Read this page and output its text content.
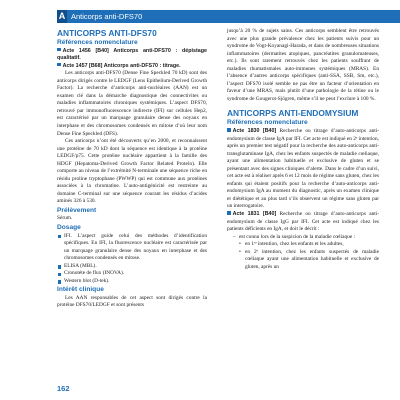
A Anticorps anti-DFS70
ANTICORPS ANTI-DFS70
Références nomenclature

Acte 1456 [B40] Anticorps anti-DFS70 : dépistage qualitatif.

Acte 1457 [B68] Anticorps anti-DFS70 : titrage.

Les anticorps anti-DFS70 (Dense Fine Speckled 70 kD) sont des anticorps dirigés contre le LEDGF (Lens Epithelium-Derived Growth Factor). La recherche d’anticorps anti-nucléaires (AAN) est un examen clé dans la démarche diagnostique des connectivites ou maladies inflammatoires chroniques systémiques. L’aspect DFS70, retrouvé par immunofluorescence indirecte (IFI) sur cellules Hep2, est caractérisé par un marquage granulaire dense des noyaux en interphase et des chromosomes condensés en mitose d’où leur nom Dense Fine Speckled (DFS).

Ces anticorps n’ont été découverts qu’en 2000, et reconnaissent une protéine de 70 kD dont la séquence est identique à la protéine LEDGF/p75. Cette protéine nucléaire appartient à la famille des HDGF (Hepatoma-Derived Growth Factor Related Protein). Elle comporte au niveau de l’extrémité N-terminale une séquence riche en résidu proline tryptophane (PWWP) qui est commune aux protéines associées à la chromatine. L’auto-antigénicité est restreinte au domaine C-terminal sur une séquence courant les résidus d’acides aminés 326 à 530.

Prélèvement

Sérum.

Dosage
IFI. L’aspect guide celui des méthodes d’identification spécifiques. En IFI, la fluorescence nucléaire est caractérisée par un marquage granulaire dense des noyaux en interphase et des chromosomes condensés en mitose.
ELISA (MBL).
Cronotéte de flux (INOVA).
Western blot (D-tek).
Intérêt clinique

Les AAN responsables de cet aspect sont dirigés contre la protéine DFS70/LEDGF et sont présents

jusqu’à 20 % de sujets sains. Ces anticorps semblent être retrouvés avec une plus grande prévalence chez les patients suivis pour un syndrome de Vogt-Koyanagi-Harada, et dans de nombreuses situations inflammatoires (dermatites atopiques, pancréatites granulomateuses, etc.). Ils sont rarement retrouvés chez les patients souffrant de maladies rhumatismales auto-immunes systémiques (MRAS). En l’absence d’autres anticorps spécifiques (anti-SSA, SSB, Sm, etc.), l’aspect DFS70 isolé semble ne pas être un facteur d’orientation en faveur d’une MRAS, mais plutôt d’une pathologie de la rétine ou le syndrome de Gougerot-Sjögren, même s’il ne peut l’exclure à 100 %.

ANTICORPS ANTI-ENDOMYSIUM
Références nomenclature

Acte 1830 [B40] Recherche ou titrage d’auto-anticorps anti-endomysium de classe IgA par IFI. Cet acte est indiqué en 2ᵉ intention, après un premier test négatif pour la recherche des auto-anticorps anti-transglutaminase IgA, chez les enfants suspectés de maladie cœliaque, ayant une alimentation habituelle et exclusive de gluten et se présentant avec des signes cliniques d’alerte. Dans le cadre d’un suivi, cet acte est à réaliser après 6 et 12 mois de régime sans gluten, chez les enfants qui étaient positifs pour la recherche d’auto-anticorps anti-endomysium IgA au moment du diagnostic, après un examen clinique et diététique et au plus tard s’ils observent un régime sans gluten par un interrogatoire.

Acte 1831 [B40] Recherche ou titrage d’auto-anticorps anti-endomysium de classe IgG par IFI. Cet acte est indiqué chez les patients déficients en IgA, et doit le décrit :

– est connu lors de la suspicion de la maladie cœliaque :
• en 1ʳᵉ intention, chez les enfants et les adultes,
• en 2ᵉ intention, chez les enfants suspectés de maladie cœliaque ayant une alimentation habituelle et exclusive de gluten, après un
162
